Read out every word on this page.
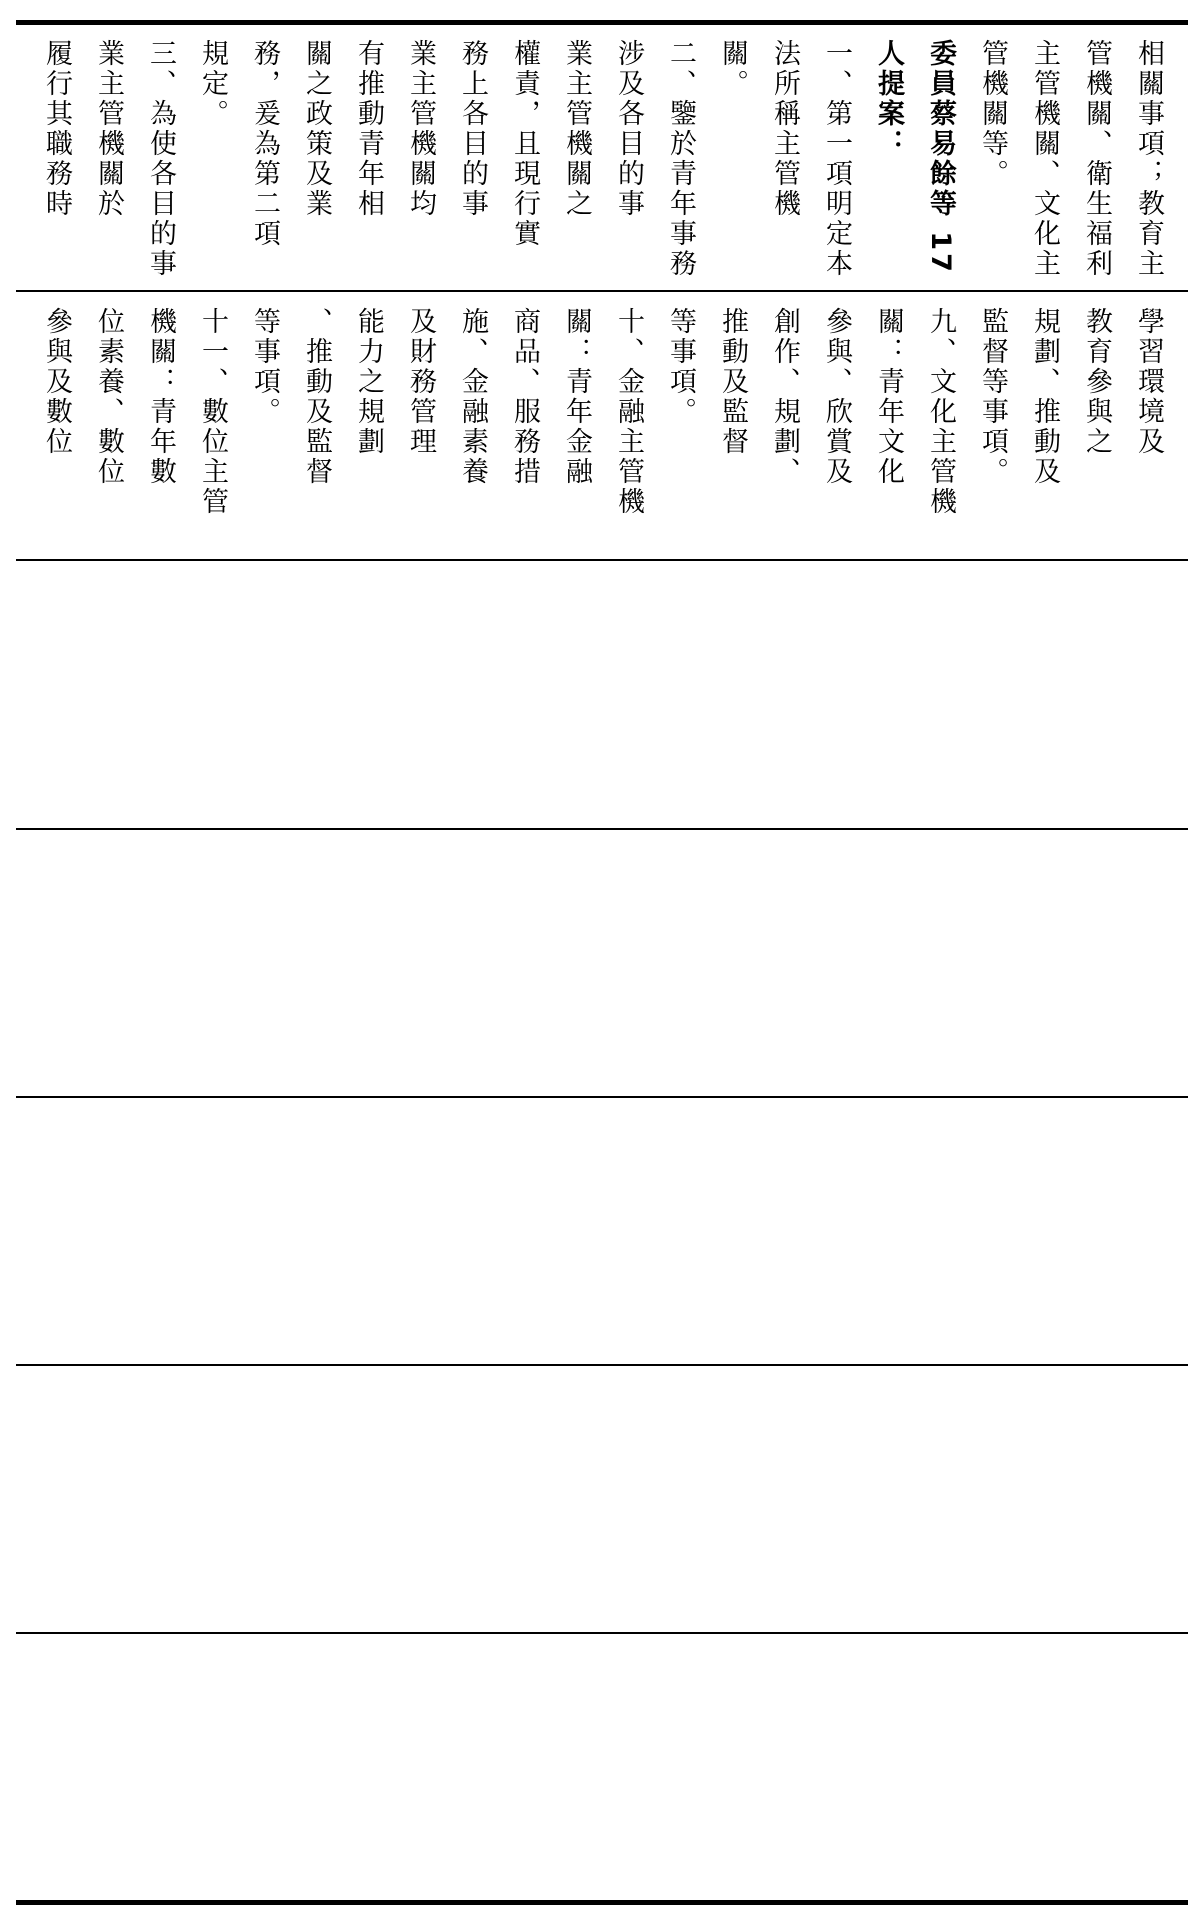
相關事項；教育主
管機關、衛生福利
主管機關、文化主
管機關等。
委員蔡易餘等 17
人提案：
一、第一項明定本
法所稱主管機
關。
二、鑒於青年事務
涉及各目的事
業主管機關之
權責，且現行實
務上各目的事
業主管機關均
有推動青年相
關之政策及業
務，爰為第二項
規定。
三、為使各目的事
業主管機關於
履行其職務時
學習環境及
教育參與之
規劃、推動及
監督等事項。
九、文化主管機
關：青年文化
參與、欣賞及
創作、規劃、
推動及監督
等事項。
十、金融主管機
關：青年金融
商品、服務措
施、金融素養
及財務管理
能力之規劃
、推動及監督
等事項。
十一、數位主管
機關：青年數
位素養、數位
參與及數位
